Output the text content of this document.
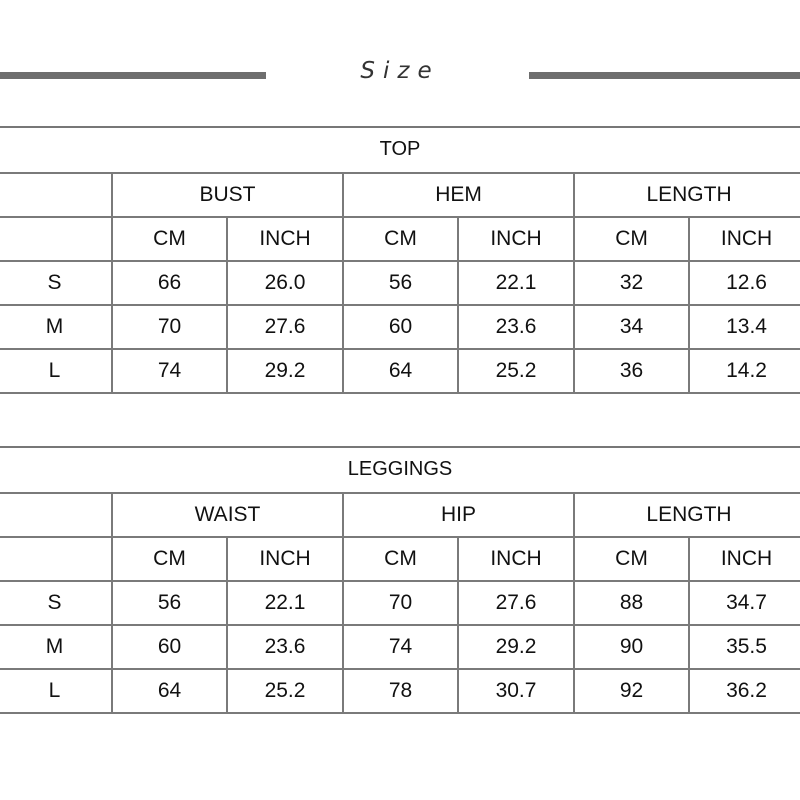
Size
TOP
	BUST		HEM		LENGTH	
	CM	INCH	CM	INCH	CM	INCH
S	66	26.0	56	22.1	32	12.6
M	70	27.6	60	23.6	34	13.4
L	74	29.2	64	25.2	36	14.2
LEGGINGS
	WAIST		HIP		LENGTH	
	CM	INCH	CM	INCH	CM	INCH
S	56	22.1	70	27.6	88	34.7
M	60	23.6	74	29.2	90	35.5
L	64	25.2	78	30.7	92	36.2
